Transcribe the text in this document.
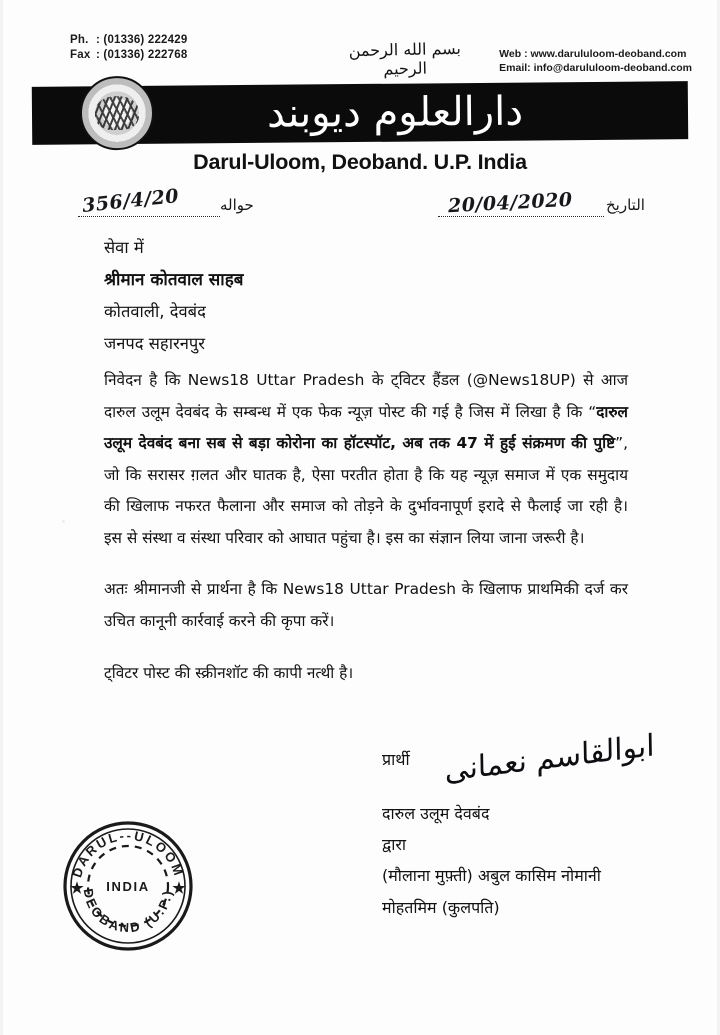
Ph. : (01336) 222429
Fax : (01336) 222768	Web : www.darululoom-deoband.com
Email: info@darululoom-deoband.com
بسم الله الرحمن الرحيم
دارالعلوم دیوبند
Darul-Uloom, Deoband. U.P. India
حواله	التاريخ
356/4/20	20/04/2020
सेवा में
श्रीमान कोतवाल साहब
कोतवाली, देवबंद
जनपद सहारनपुर

निवेदन है कि News18 Uttar Pradesh के ट्विटर हैंडल (@News18UP) से आज दारुल उलूम देवबंद के सम्बन्ध में एक फेक न्यूज़ पोस्ट की गई है जिस में लिखा है कि “दारुल उलूम देवबंद बना सब से बड़ा कोरोना का हॉटस्पॉट, अब तक 47 में हुई संक्रमण की पुष्टि”, जो कि सरासर ग़लत और घातक है, ऐसा परतीत होता है कि यह न्यूज़ समाज में एक समुदाय की खिलाफ नफरत फैलाना और समाज को तोड़ने के दुर्भावनापूर्ण इरादे से फैलाई जा रही है। इस से संस्था व संस्था परिवार को आघात पहुंचा है। इस का संज्ञान लिया जाना जरूरी है।

अतः श्रीमानजी से प्रार्थना है कि News18 Uttar Pradesh के खिलाफ प्राथमिकी दर्ज कर उचित कानूनी कार्रवाई करने की कृपा करें।

ट्विटर पोस्ट की स्क्रीनशॉट की कापी नत्थी है।

प्रार्थी ابوالقاسم نعمانی
दारुल उलूम देवबंद
द्वारा
(मौलाना मुफ़्ती) अबुल कासिम नोमानी
मोहतमिम (कुलपति)
DARUL--ULOOM
DEOBAND (U.P.)
INDIA
★	★
